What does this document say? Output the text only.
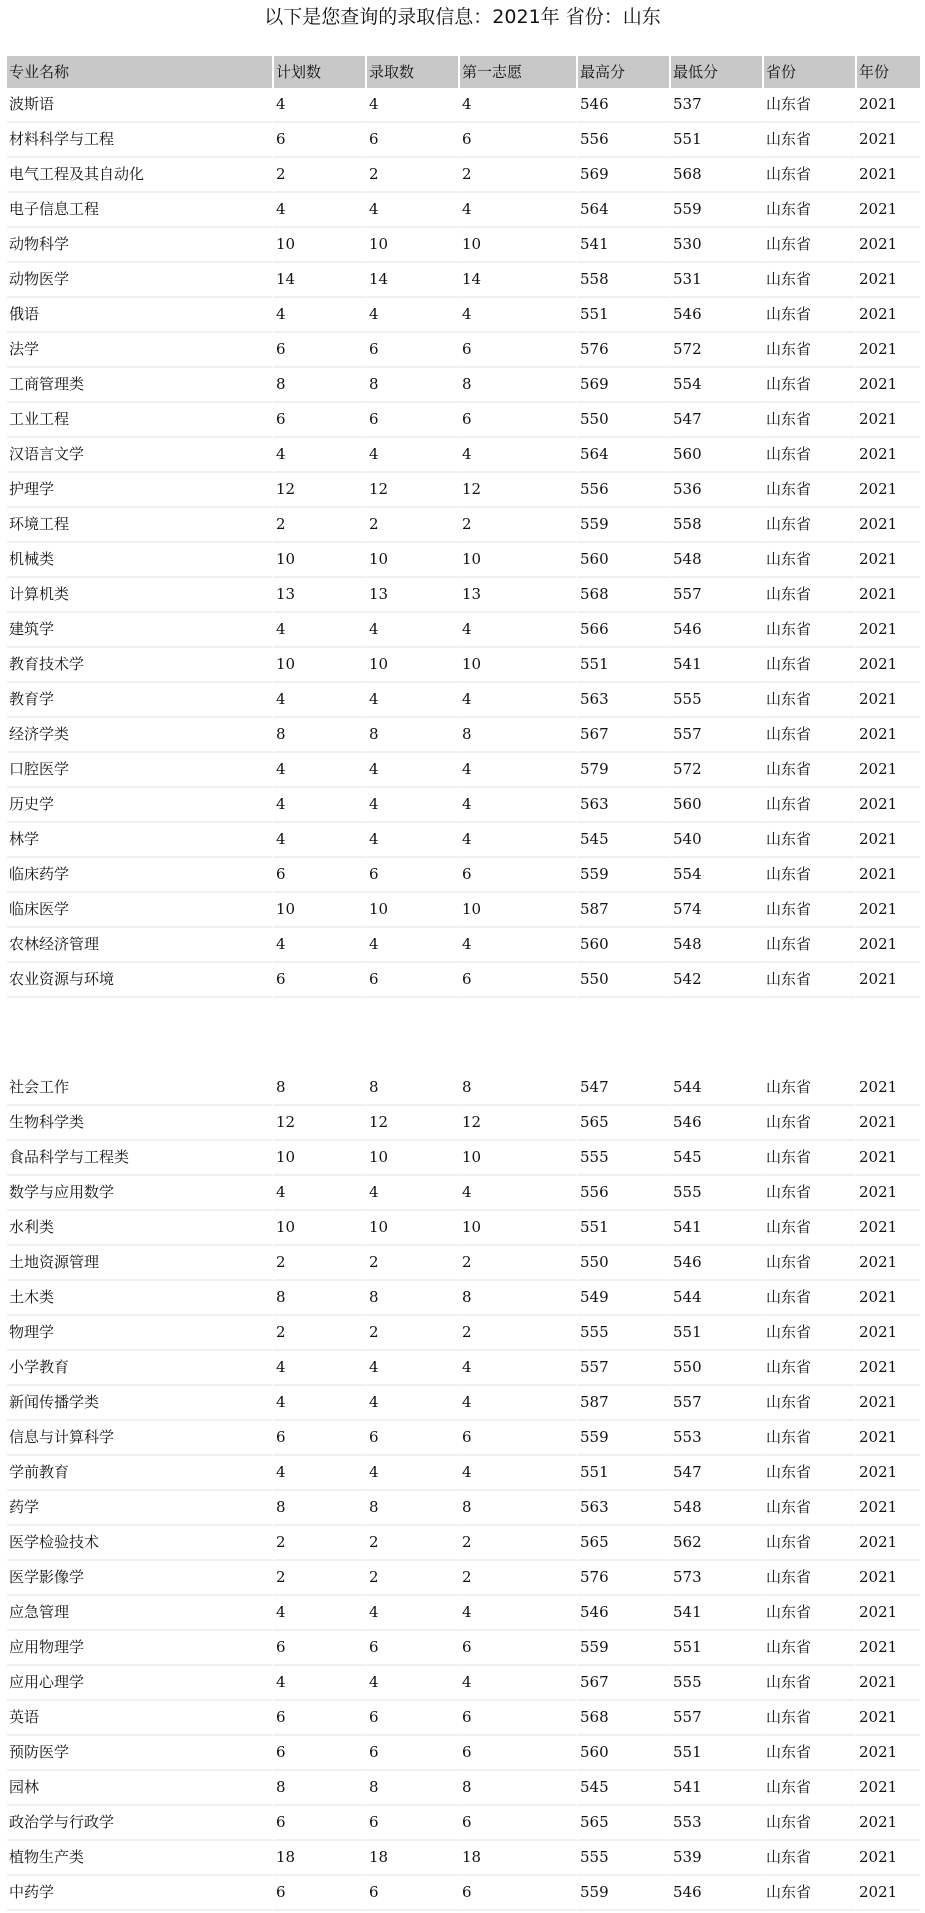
以下是您查询的录取信息：2021年 省份：山东
专业名称	计划数	录取数	第一志愿	最高分	最低分	省份	年份
波斯语	4	4	4	546	537	山东省	2021
材料科学与工程	6	6	6	556	551	山东省	2021
电气工程及其自动化	2	2	2	569	568	山东省	2021
电子信息工程	4	4	4	564	559	山东省	2021
动物科学	10	10	10	541	530	山东省	2021
动物医学	14	14	14	558	531	山东省	2021
俄语	4	4	4	551	546	山东省	2021
法学	6	6	6	576	572	山东省	2021
工商管理类	8	8	8	569	554	山东省	2021
工业工程	6	6	6	550	547	山东省	2021
汉语言文学	4	4	4	564	560	山东省	2021
护理学	12	12	12	556	536	山东省	2021
环境工程	2	2	2	559	558	山东省	2021
机械类	10	10	10	560	548	山东省	2021
计算机类	13	13	13	568	557	山东省	2021
建筑学	4	4	4	566	546	山东省	2021
教育技术学	10	10	10	551	541	山东省	2021
教育学	4	4	4	563	555	山东省	2021
经济学类	8	8	8	567	557	山东省	2021
口腔医学	4	4	4	579	572	山东省	2021
历史学	4	4	4	563	560	山东省	2021
林学	4	4	4	545	540	山东省	2021
临床药学	6	6	6	559	554	山东省	2021
临床医学	10	10	10	587	574	山东省	2021
农林经济管理	4	4	4	560	548	山东省	2021
农业资源与环境	6	6	6	550	542	山东省	2021

社会工作	8	8	8	547	544	山东省	2021
生物科学类	12	12	12	565	546	山东省	2021
食品科学与工程类	10	10	10	555	545	山东省	2021
数学与应用数学	4	4	4	556	555	山东省	2021
水利类	10	10	10	551	541	山东省	2021
土地资源管理	2	2	2	550	546	山东省	2021
土木类	8	8	8	549	544	山东省	2021
物理学	2	2	2	555	551	山东省	2021
小学教育	4	4	4	557	550	山东省	2021
新闻传播学类	4	4	4	587	557	山东省	2021
信息与计算科学	6	6	6	559	553	山东省	2021
学前教育	4	4	4	551	547	山东省	2021
药学	8	8	8	563	548	山东省	2021
医学检验技术	2	2	2	565	562	山东省	2021
医学影像学	2	2	2	576	573	山东省	2021
应急管理	4	4	4	546	541	山东省	2021
应用物理学	6	6	6	559	551	山东省	2021
应用心理学	4	4	4	567	555	山东省	2021
英语	6	6	6	568	557	山东省	2021
预防医学	6	6	6	560	551	山东省	2021
园林	8	8	8	545	541	山东省	2021
政治学与行政学	6	6	6	565	553	山东省	2021
植物生产类	18	18	18	555	539	山东省	2021
中药学	6	6	6	559	546	山东省	2021
